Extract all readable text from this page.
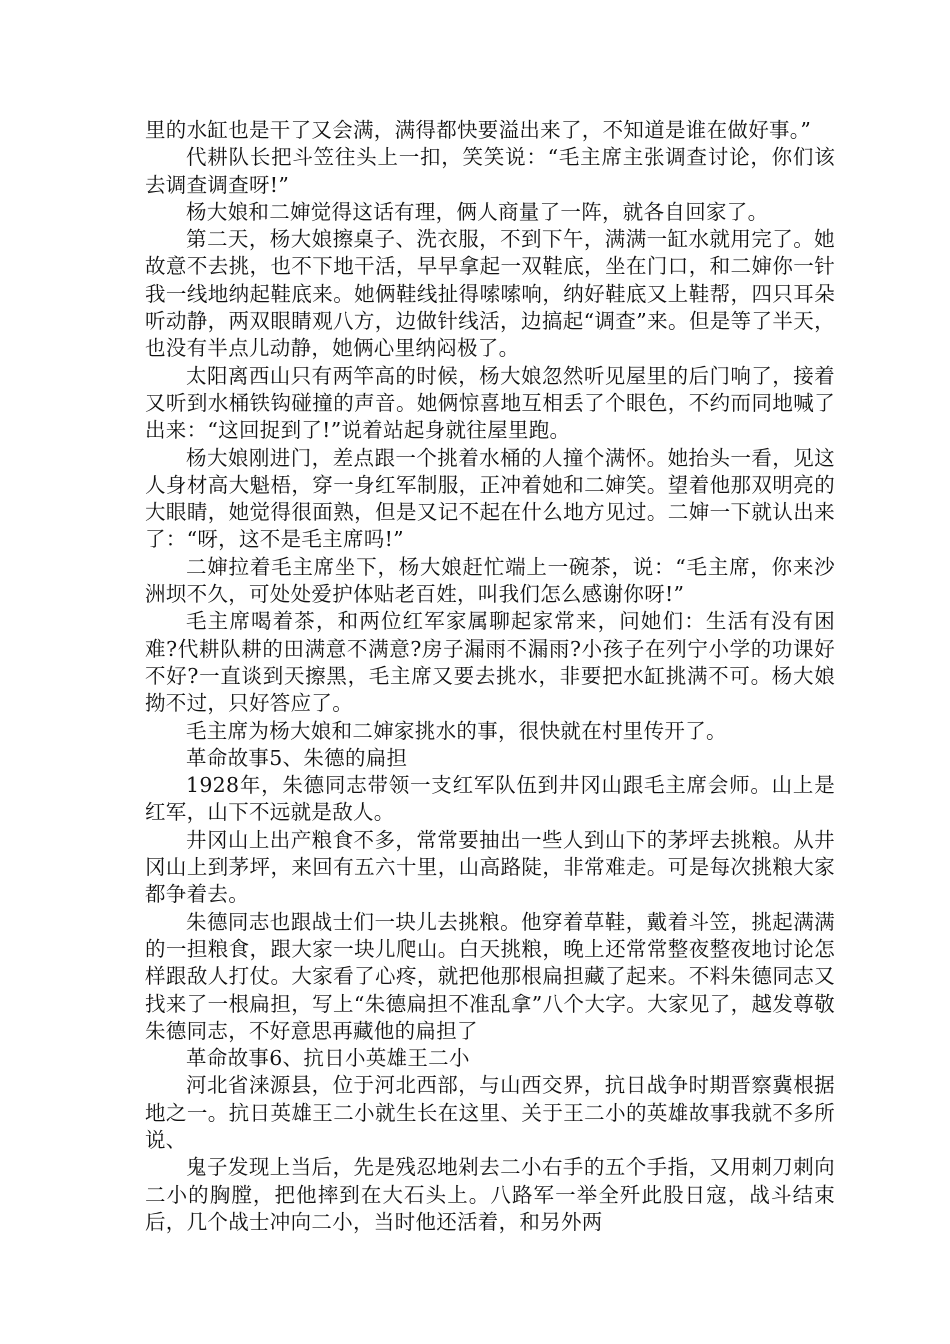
里的水缸也是干了又会满，满得都快要溢出来了，不知道是谁在做好事。”

代耕队长把斗笠往头上一扣，笑笑说：“毛主席主张调查讨论，你们该去调查调查呀!”

杨大娘和二婶觉得这话有理，俩人商量了一阵，就各自回家了。

第二天，杨大娘擦桌子、洗衣服，不到下午，满满一缸水就用完了。她故意不去挑，也不下地干活，早早拿起一双鞋底，坐在门口，和二婶你一针我一线地纳起鞋底来。她俩鞋线扯得嗦嗦响，纳好鞋底又上鞋帮，四只耳朵听动静，两双眼睛观八方，边做针线活，边搞起“调查”来。但是等了半天，也没有半点儿动静，她俩心里纳闷极了。

太阳离西山只有两竿高的时候，杨大娘忽然听见屋里的后门响了，接着又听到水桶铁钩碰撞的声音。她俩惊喜地互相丢了个眼色，不约而同地喊了出来：“这回捉到了!”说着站起身就往屋里跑。

杨大娘刚进门，差点跟一个挑着水桶的人撞个满怀。她抬头一看，见这人身材高大魁梧，穿一身红军制服，正冲着她和二婶笑。望着他那双明亮的大眼睛，她觉得很面熟，但是又记不起在什么地方见过。二婶一下就认出来了：“呀，这不是毛主席吗!”

二婶拉着毛主席坐下，杨大娘赶忙端上一碗茶，说：“毛主席，你来沙洲坝不久，可处处爱护体贴老百姓，叫我们怎么感谢你呀!”

毛主席喝着茶，和两位红军家属聊起家常来，问她们：生活有没有困难?代耕队耕的田满意不满意?房子漏雨不漏雨?小孩子在列宁小学的功课好不好?一直谈到天擦黑，毛主席又要去挑水，非要把水缸挑满不可。杨大娘拗不过，只好答应了。

毛主席为杨大娘和二婶家挑水的事，很快就在村里传开了。

革命故事5、朱德的扁担

1928年，朱德同志带领一支红军队伍到井冈山跟毛主席会师。山上是红军，山下不远就是敌人。

井冈山上出产粮食不多，常常要抽出一些人到山下的茅坪去挑粮。从井冈山上到茅坪，来回有五六十里，山高路陡，非常难走。可是每次挑粮大家都争着去。

朱德同志也跟战士们一块儿去挑粮。他穿着草鞋，戴着斗笠，挑起满满的一担粮食，跟大家一块儿爬山。白天挑粮，晚上还常常整夜整夜地讨论怎样跟敌人打仗。大家看了心疼，就把他那根扁担藏了起来。不料朱德同志又找来了一根扁担，写上“朱德扁担不准乱拿”八个大字。大家见了，越发尊敬朱德同志，不好意思再藏他的扁担了

革命故事6、抗日小英雄王二小

河北省涞源县，位于河北西部，与山西交界，抗日战争时期晋察冀根据地之一。抗日英雄王二小就生长在这里、关于王二小的英雄故事我就不多所说、

鬼子发现上当后，先是残忍地剁去二小右手的五个手指，又用刺刀刺向二小的胸膛，把他摔到在大石头上。八路军一举全歼此股日寇，战斗结束后，几个战士冲向二小，当时他还活着，和另外两
